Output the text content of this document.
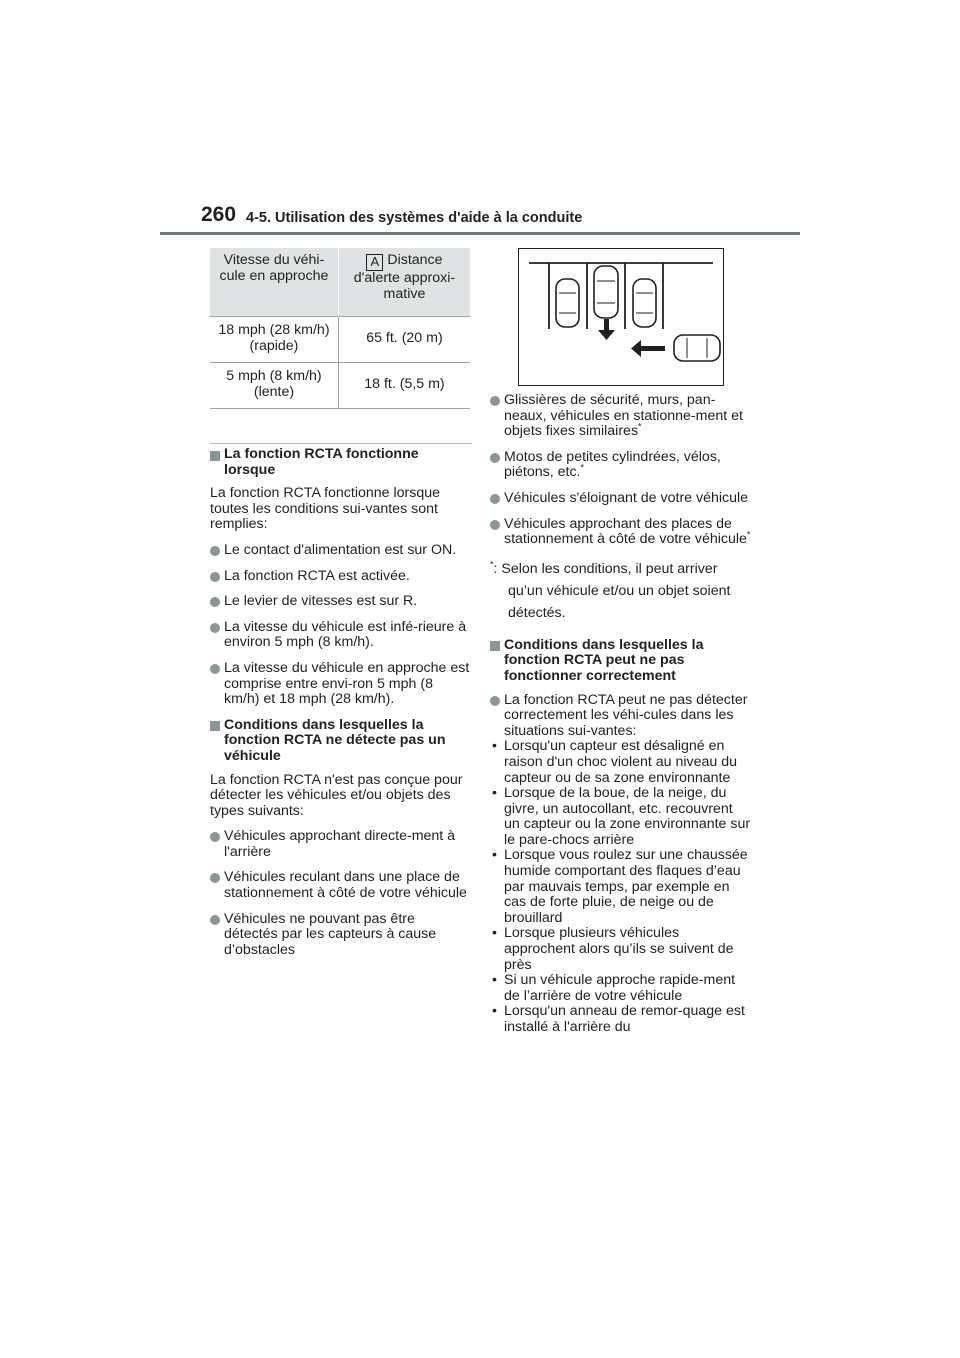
260 4-5. Utilisation des systèmes d'aide à la conduite
Vitesse du véhi-cule en approche	A Distance d'alerte approxi-mative
18 mph (28 km/h) (rapide)	65 ft. (20 m)
5 mph (8 km/h) (lente)	18 ft. (5,5 m)
La fonction RCTA fonctionne lorsque
La fonction RCTA fonctionne lorsque toutes les conditions sui-vantes sont remplies:
Le contact d'alimentation est sur ON.
La fonction RCTA est activée.
Le levier de vitesses est sur R.
La vitesse du véhicule est infé-rieure à environ 5 mph (8 km/h).
La vitesse du véhicule en approche est comprise entre envi-ron 5 mph (8 km/h) et 18 mph (28 km/h).
Conditions dans lesquelles la fonction RCTA ne détecte pas un véhicule
La fonction RCTA n'est pas conçue pour détecter les véhicules et/ou objets des types suivants:
Véhicules approchant directe-ment à l'arrière
Véhicules reculant dans une place de stationnement à côté de votre véhicule
Véhicules ne pouvant pas être détectés par les capteurs à cause d’obstacles
Glissières de sécurité, murs, pan-neaux, véhicules en stationne-ment et objets fixes similaires*
Motos de petites cylindrées, vélos, piétons, etc.*
Véhicules s'éloignant de votre véhicule
Véhicules approchant des places de stationnement à côté de votre véhicule*
*: Selon les conditions, il peut arriver
qu’un véhicule et/ou un objet soient détectés.
Conditions dans lesquelles la fonction RCTA peut ne pas fonctionner correctement
La fonction RCTA peut ne pas détecter correctement les véhi-cules dans les situations sui-vantes:
• Lorsqu'un capteur est désaligné en raison d'un choc violent au niveau du capteur ou de sa zone environnante
• Lorsque de la boue, de la neige, du givre, un autocollant, etc. recouvrent un capteur ou la zone environnante sur le pare-chocs arrière
• Lorsque vous roulez sur une chaussée humide comportant des flaques d’eau par mauvais temps, par exemple en cas de forte pluie, de neige ou de brouillard
• Lorsque plusieurs véhicules approchent alors qu’ils se suivent de près
• Si un véhicule approche rapide-ment de l’arrière de votre véhicule
• Lorsqu'un anneau de remor-quage est installé à l'arrière du
